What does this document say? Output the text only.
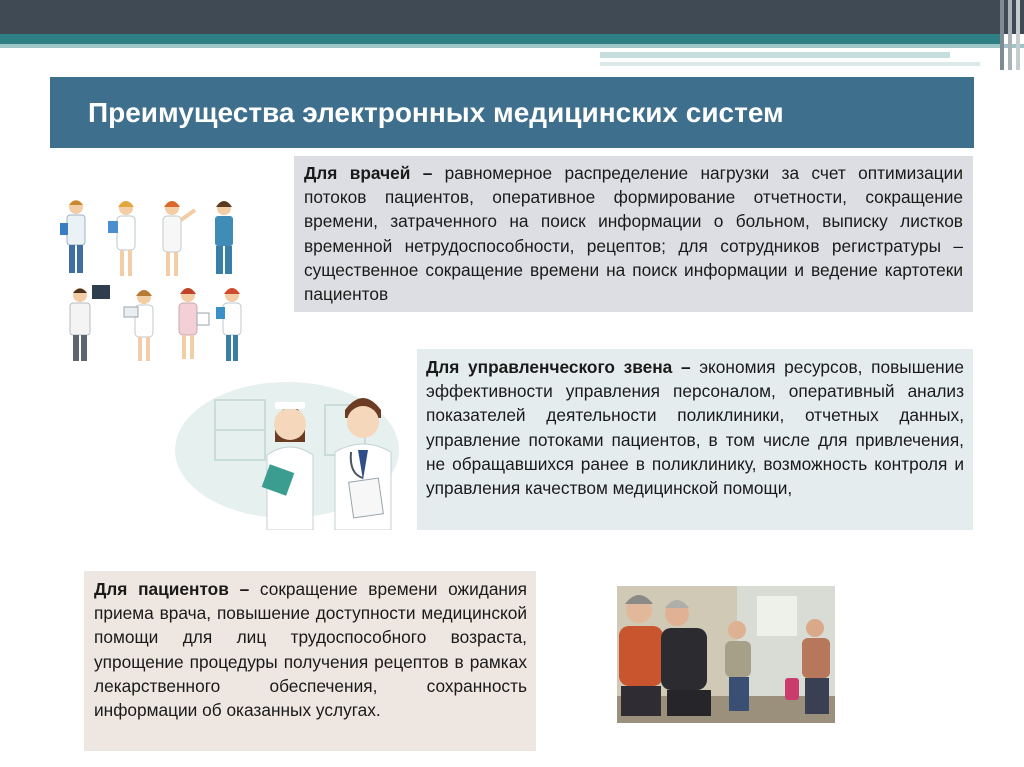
Преимущества электронных медицинских систем
Для врачей – равномерное распределение нагрузки за счет оптимизации потоков пациентов, оперативное формирование отчетности, сокращение времени, затраченного на поиск информации о больном, выписку листков временной нетрудоспособности, рецептов; для сотрудников регистратуры – существенное сокращение времени на поиск информации и ведение картотеки пациентов
Для управленческого звена – экономия ресурсов, повышение эффективности управления персоналом, оперативный анализ показателей деятельности поликлиники, отчетных данных, управление потоками пациентов, в том числе для привлечения, не обращавшихся ранее в поликлинику, возможность контроля и управления качеством медицинской помощи,
Для пациентов – сокращение времени ожидания приема врача, повышение доступности медицинской помощи для лиц трудоспособного возраста, упрощение процедуры получения рецептов в рамках лекарственного обеспечения, сохранность информации об оказанных услугах.
